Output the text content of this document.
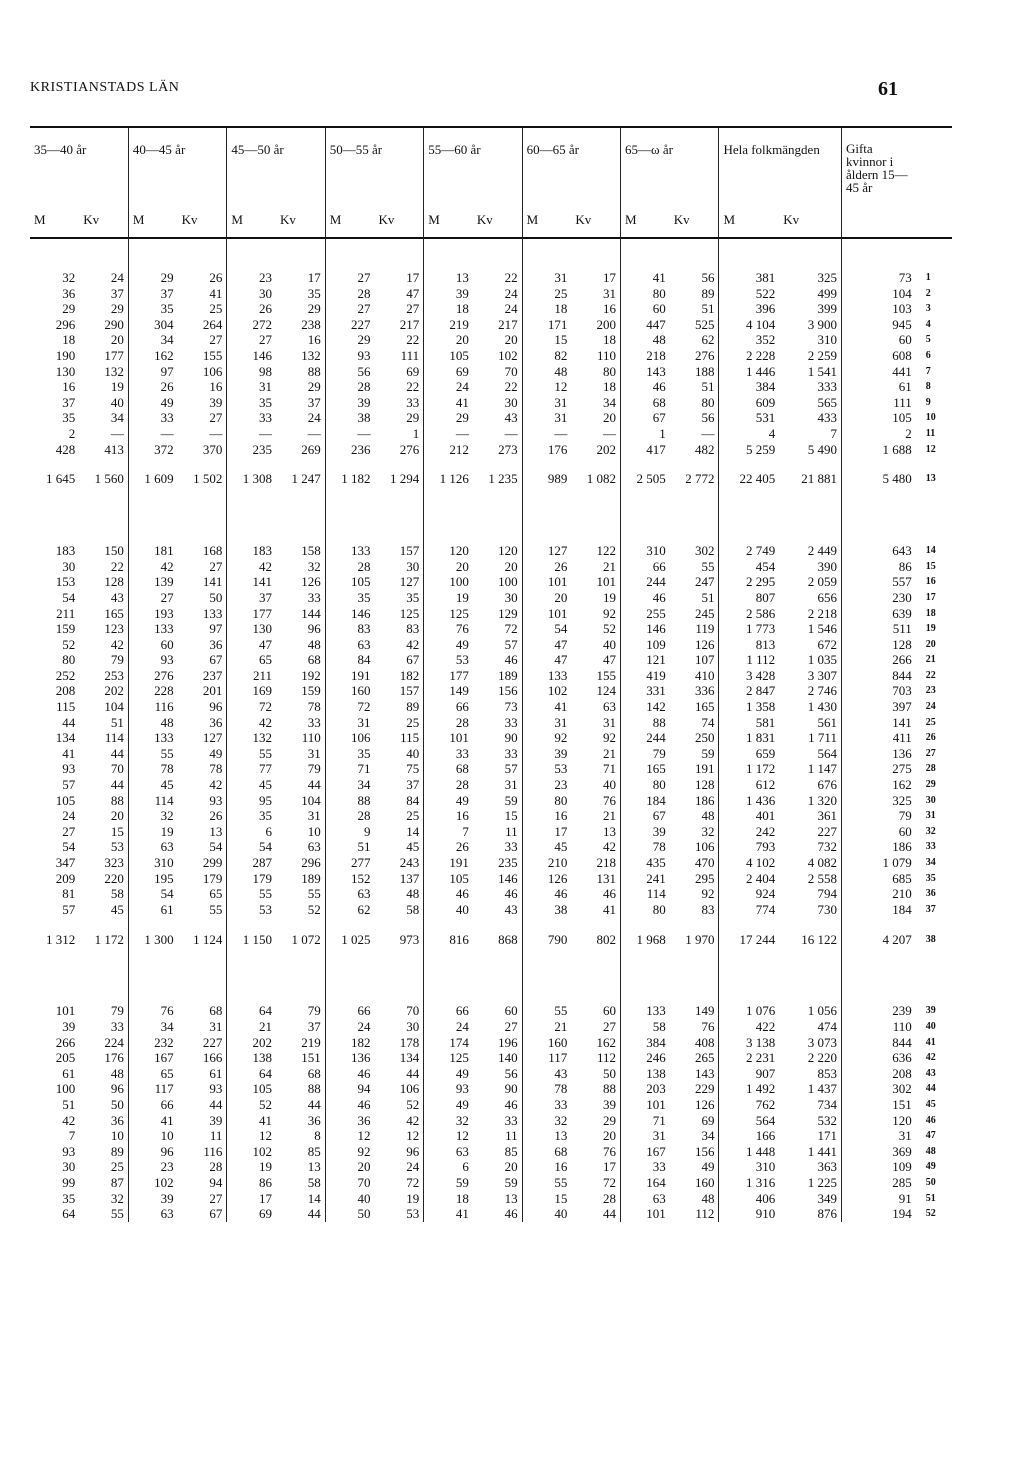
KRISTIANSTADS LÄN	61
35—40 år		40—45 år		45—50 år		50—55 år		55—60 år		60—65 år		65—ω år		Hela folkmängden		Gifta kvinnor i åldern 15—45 år	
M	Kv	M	Kv	M	Kv	M	Kv	M	Kv	M	Kv	M	Kv	M	Kv		
32	24	29	26	23	17	27	17	13	22	31	17	41	56	381	325	73	1
36	37	37	41	30	35	28	47	39	24	25	31	80	89	522	499	104	2
29	29	35	25	26	29	27	27	18	24	18	16	60	51	396	399	103	3
296	290	304	264	272	238	227	217	219	217	171	200	447	525	4 104	3 900	945	4
18	20	34	27	27	16	29	22	20	20	15	18	48	62	352	310	60	5
190	177	162	155	146	132	93	111	105	102	82	110	218	276	2 228	2 259	608	6
130	132	97	106	98	88	56	69	69	70	48	80	143	188	1 446	1 541	441	7
16	19	26	16	31	29	28	22	24	22	12	18	46	51	384	333	61	8
37	40	49	39	35	37	39	33	41	30	31	34	68	80	609	565	111	9
35	34	33	27	33	24	38	29	29	43	31	20	67	56	531	433	105	10
2	—	—	—	—	—	—	1	—	—	—	—	1	—	4	7	2	11
428	413	372	370	235	269	236	276	212	273	176	202	417	482	5 259	5 490	1 688	12
1 645	1 560	1 609	1 502	1 308	1 247	1 182	1 294	1 126	1 235	989	1 082	2 505	2 772	22 405	21 881	5 480	13

183	150	181	168	183	158	133	157	120	120	127	122	310	302	2 749	2 449	643	14
30	22	42	27	42	32	28	30	20	20	26	21	66	55	454	390	86	15
153	128	139	141	141	126	105	127	100	100	101	101	244	247	2 295	2 059	557	16
54	43	27	50	37	33	35	35	19	30	20	19	46	51	807	656	230	17
211	165	193	133	177	144	146	125	125	129	101	92	255	245	2 586	2 218	639	18
159	123	133	97	130	96	83	83	76	72	54	52	146	119	1 773	1 546	511	19
52	42	60	36	47	48	63	42	49	57	47	40	109	126	813	672	128	20
80	79	93	67	65	68	84	67	53	46	47	47	121	107	1 112	1 035	266	21
252	253	276	237	211	192	191	182	177	189	133	155	419	410	3 428	3 307	844	22
208	202	228	201	169	159	160	157	149	156	102	124	331	336	2 847	2 746	703	23
115	104	116	96	72	78	72	89	66	73	41	63	142	165	1 358	1 430	397	24
44	51	48	36	42	33	31	25	28	33	31	31	88	74	581	561	141	25
134	114	133	127	132	110	106	115	101	90	92	92	244	250	1 831	1 711	411	26
41	44	55	49	55	31	35	40	33	33	39	21	79	59	659	564	136	27
93	70	78	78	77	79	71	75	68	57	53	71	165	191	1 172	1 147	275	28
57	44	45	42	45	44	34	37	28	31	23	40	80	128	612	676	162	29
105	88	114	93	95	104	88	84	49	59	80	76	184	186	1 436	1 320	325	30
24	20	32	26	35	31	28	25	16	15	16	21	67	48	401	361	79	31
27	15	19	13	6	10	9	14	7	11	17	13	39	32	242	227	60	32
54	53	63	54	54	63	51	45	26	33	45	42	78	106	793	732	186	33
347	323	310	299	287	296	277	243	191	235	210	218	435	470	4 102	4 082	1 079	34
209	220	195	179	179	189	152	137	105	146	126	131	241	295	2 404	2 558	685	35
81	58	54	65	55	55	63	48	46	46	46	46	114	92	924	794	210	36
57	45	61	55	53	52	62	58	40	43	38	41	80	83	774	730	184	37
1 312	1 172	1 300	1 124	1 150	1 072	1 025	973	816	868	790	802	1 968	1 970	17 244	16 122	4 207	38

101	79	76	68	64	79	66	70	66	60	55	60	133	149	1 076	1 056	239	39
39	33	34	31	21	37	24	30	24	27	21	27	58	76	422	474	110	40
266	224	232	227	202	219	182	178	174	196	160	162	384	408	3 138	3 073	844	41
205	176	167	166	138	151	136	134	125	140	117	112	246	265	2 231	2 220	636	42
61	48	65	61	64	68	46	44	49	56	43	50	138	143	907	853	208	43
100	96	117	93	105	88	94	106	93	90	78	88	203	229	1 492	1 437	302	44
51	50	66	44	52	44	46	52	49	46	33	39	101	126	762	734	151	45
42	36	41	39	41	36	36	42	32	33	32	29	71	69	564	532	120	46
7	10	10	11	12	8	12	12	12	11	13	20	31	34	166	171	31	47
93	89	96	116	102	85	92	96	63	85	68	76	167	156	1 448	1 441	369	48
30	25	23	28	19	13	20	24	6	20	16	17	33	49	310	363	109	49
99	87	102	94	86	58	70	72	59	59	55	72	164	160	1 316	1 225	285	50
35	32	39	27	17	14	40	19	18	13	15	28	63	48	406	349	91	51
64	55	63	67	69	44	50	53	41	46	40	44	101	112	910	876	194	52
